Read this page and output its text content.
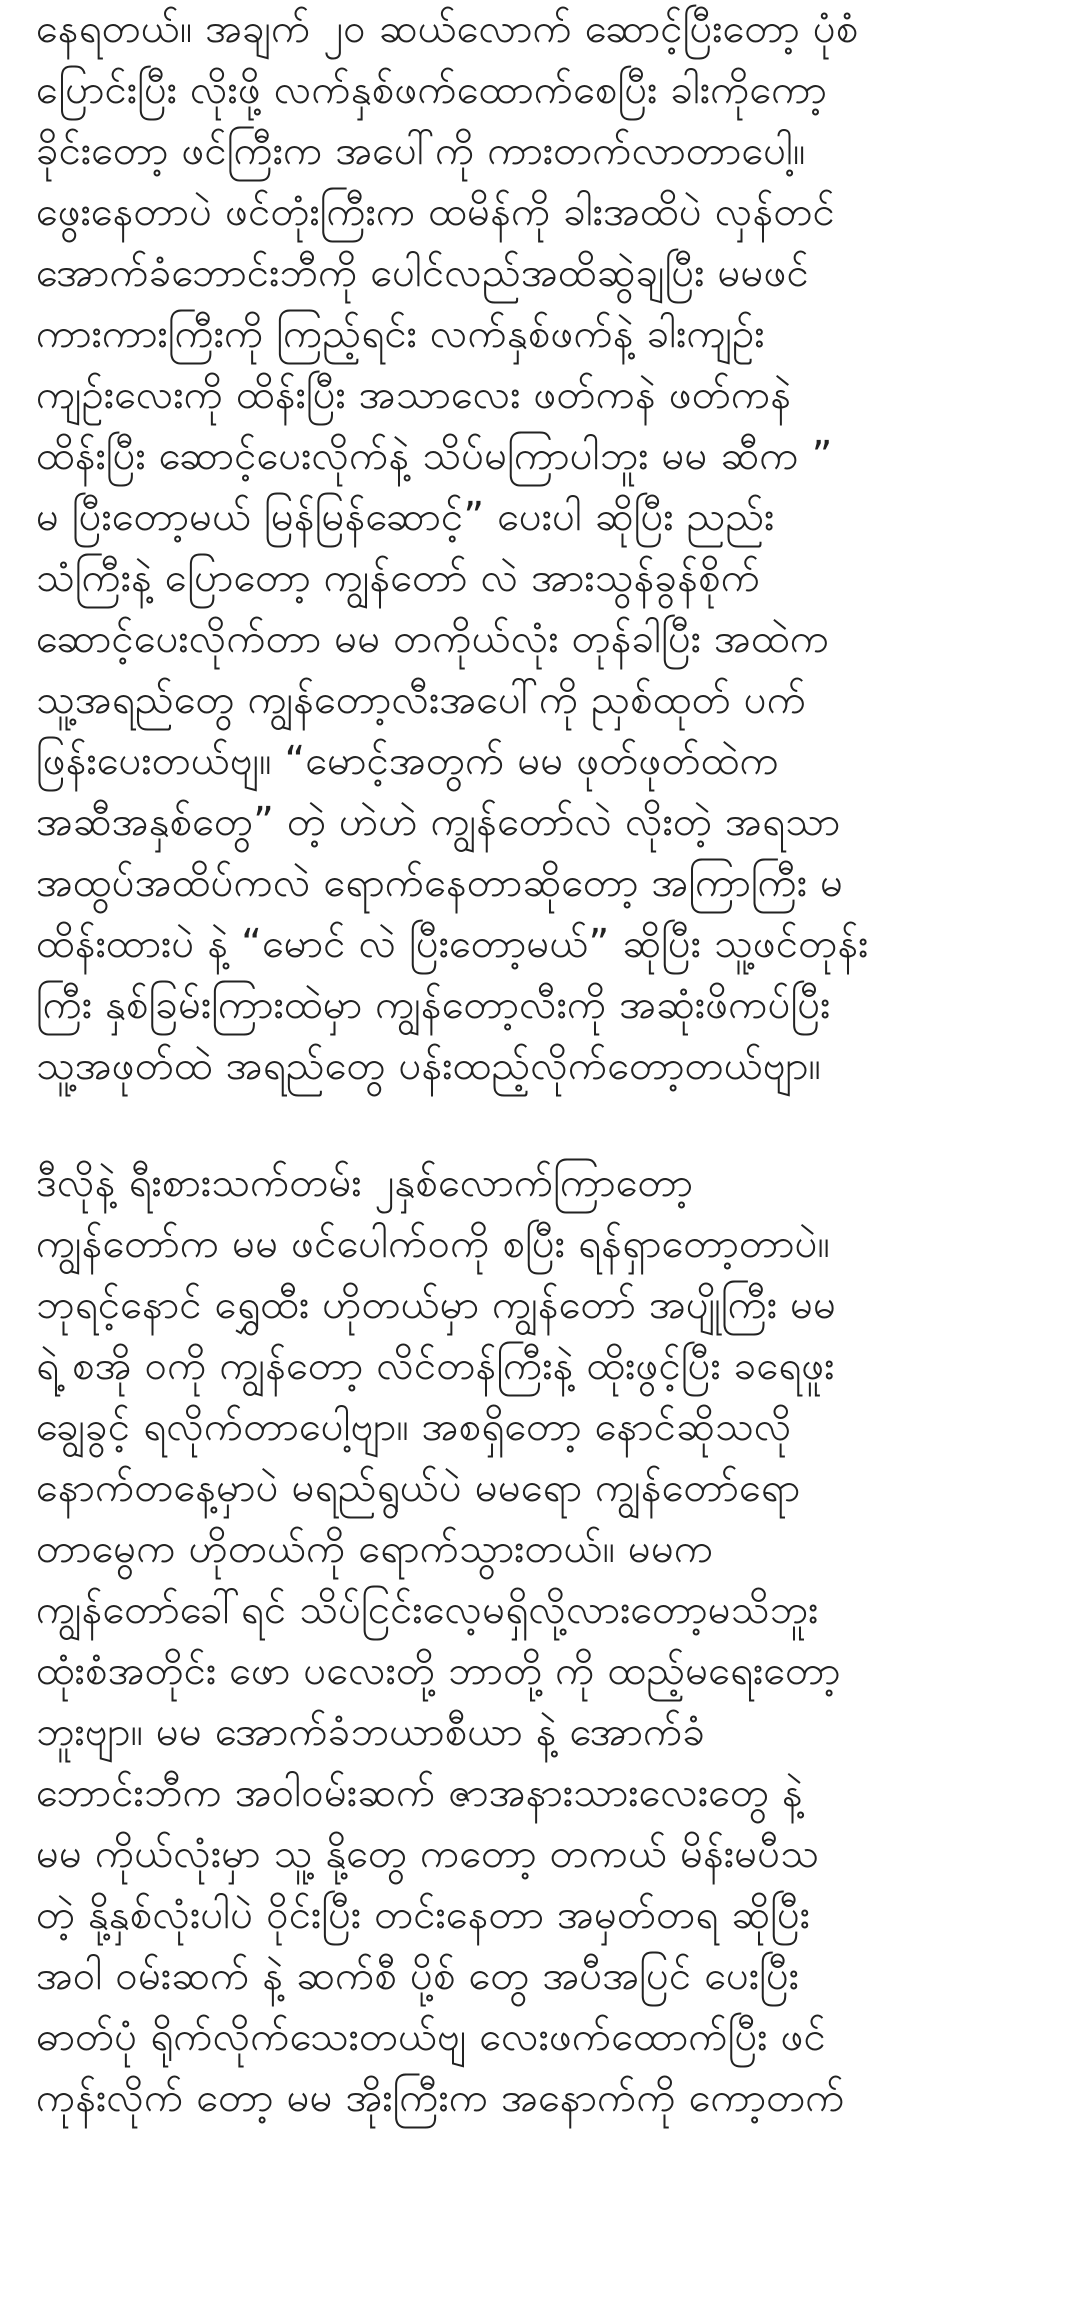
နေရတယ်။ အချက် ၂၀ ဆယ်လောက် ဆောင့်ပြီးတော့ ပုံစံ
ပြောင်းပြီး လိုးဖို့ လက်နှစ်ဖက်ထောက်စေပြီး ခါးကိုကော့
ခိုင်းတော့ ဖင်ကြီးက အပေါ်ကို ကားတက်လာတာပေါ့။
ဖွေးနေတာပဲ ဖင်တုံးကြီးက ထမိန်ကို ခါးအထိပဲ လှန်တင်
အောက်ခံဘောင်းဘီကို ပေါင်လည်အထိဆွဲချပြီး မမဖင်
ကားကားကြီးကို ကြည့်ရင်း လက်နှစ်ဖက်နဲ့ ခါးကျဉ်း
ကျဉ်းလေးကို ထိန်းပြီး အသာလေး ဖတ်ကနဲ ဖတ်ကနဲ
ထိန်းပြီး ဆောင့်ပေးလိုက်နဲ့ သိပ်မကြာပါဘူး မမ ဆီက ”
မ ပြီးတော့မယ် မြန်မြန်ဆောင့်” ပေးပါ ဆိုပြီး ညည်း
သံကြီးနဲ့ ပြောတော့ ကျွန်တော် လဲ အားသွန်ခွန်စိုက်
ဆောင့်ပေးလိုက်တာ မမ တကိုယ်လုံး တုန်ခါပြီး အထဲက
သူ့အရည်တွေ ကျွန်တော့လီးအပေါ်ကို ညှစ်ထုတ် ပက်
ဖြန်းပေးတယ်ဗျ။ “မောင့်အတွက် မမ ဖုတ်ဖုတ်ထဲက
အဆီအနှစ်တွေ” တဲ့ ဟဲဟဲ ကျွန်တော်လဲ လိုးတဲ့ အရသာ
အထွပ်အထိပ်ကလဲ ရောက်နေတာဆိုတော့ အကြာကြီး မ
ထိန်းထားပဲ နဲ့ “မောင် လဲ ပြီးတော့မယ်” ဆိုပြီး သူ့ဖင်တုန်း
ကြီး နှစ်ခြမ်းကြားထဲမှာ ကျွန်တော့လီးကို အဆုံးဖိကပ်ပြီး
သူ့အဖုတ်ထဲ အရည်တွေ ပန်းထည့်လိုက်တော့တယ်ဗျာ။
ဒီလိုနဲ့ ရီးစားသက်တမ်း ၂နှစ်လောက်ကြာတော့
ကျွန်တော်က မမ ဖင်ပေါက်ဝကို စပြီး ရန်ရှာတော့တာပဲ။
ဘုရင့်နောင် ရွှေထီး ဟိုတယ်မှာ ကျွန်တော် အပျိုကြီး မမ
ရဲ့ စအို ဝကို ကျွန်တော့ လိင်တန်ကြီးနဲ့ ထိုးဖွင့်ပြီး ခရေဖူး
ချွေခွင့် ရလိုက်တာပေါ့ဗျာ။ အစရှိတော့ နောင်ဆိုသလို
နောက်တနေ့မှာပဲ မရည်ရွယ်ပဲ မမရော ကျွန်တော်ရော
တာမွေက ဟိုတယ်ကို ရောက်သွားတယ်။ မမက
ကျွန်တော်ခေါ်ရင် သိပ်ငြင်းလေ့မရှိလို့လားတော့မသိဘူး
ထုံးစံအတိုင်း ဖော ပလေးတို့ ဘာတို့ ကို ထည့်မရေးတော့
ဘူးဗျာ။ မမ အောက်ခံဘယာစီယာ နဲ့ အောက်ခံ
ဘောင်းဘီက အဝါဝမ်းဆက် ဇာအနားသားလေးတွေ နဲ့
မမ ကိုယ်လုံးမှာ သူ့ နို့တွေ ကတော့ တကယ် မိန်းမပီသ
တဲ့ နို့နှစ်လုံးပါပဲ ဝိုင်းပြီး တင်းနေတာ အမှတ်တရ ဆိုပြီး
အဝါ ဝမ်းဆက် နဲ့ ဆက်စီ ပို့စ် တွေ အပီအပြင် ပေးပြီး
ဓာတ်ပုံ ရိုက်လိုက်သေးတယ်ဗျ လေးဖက်ထောက်ပြီး ဖင်
ကုန်းလိုက် တော့ မမ အိုးကြီးက အနောက်ကို ကော့တက်
